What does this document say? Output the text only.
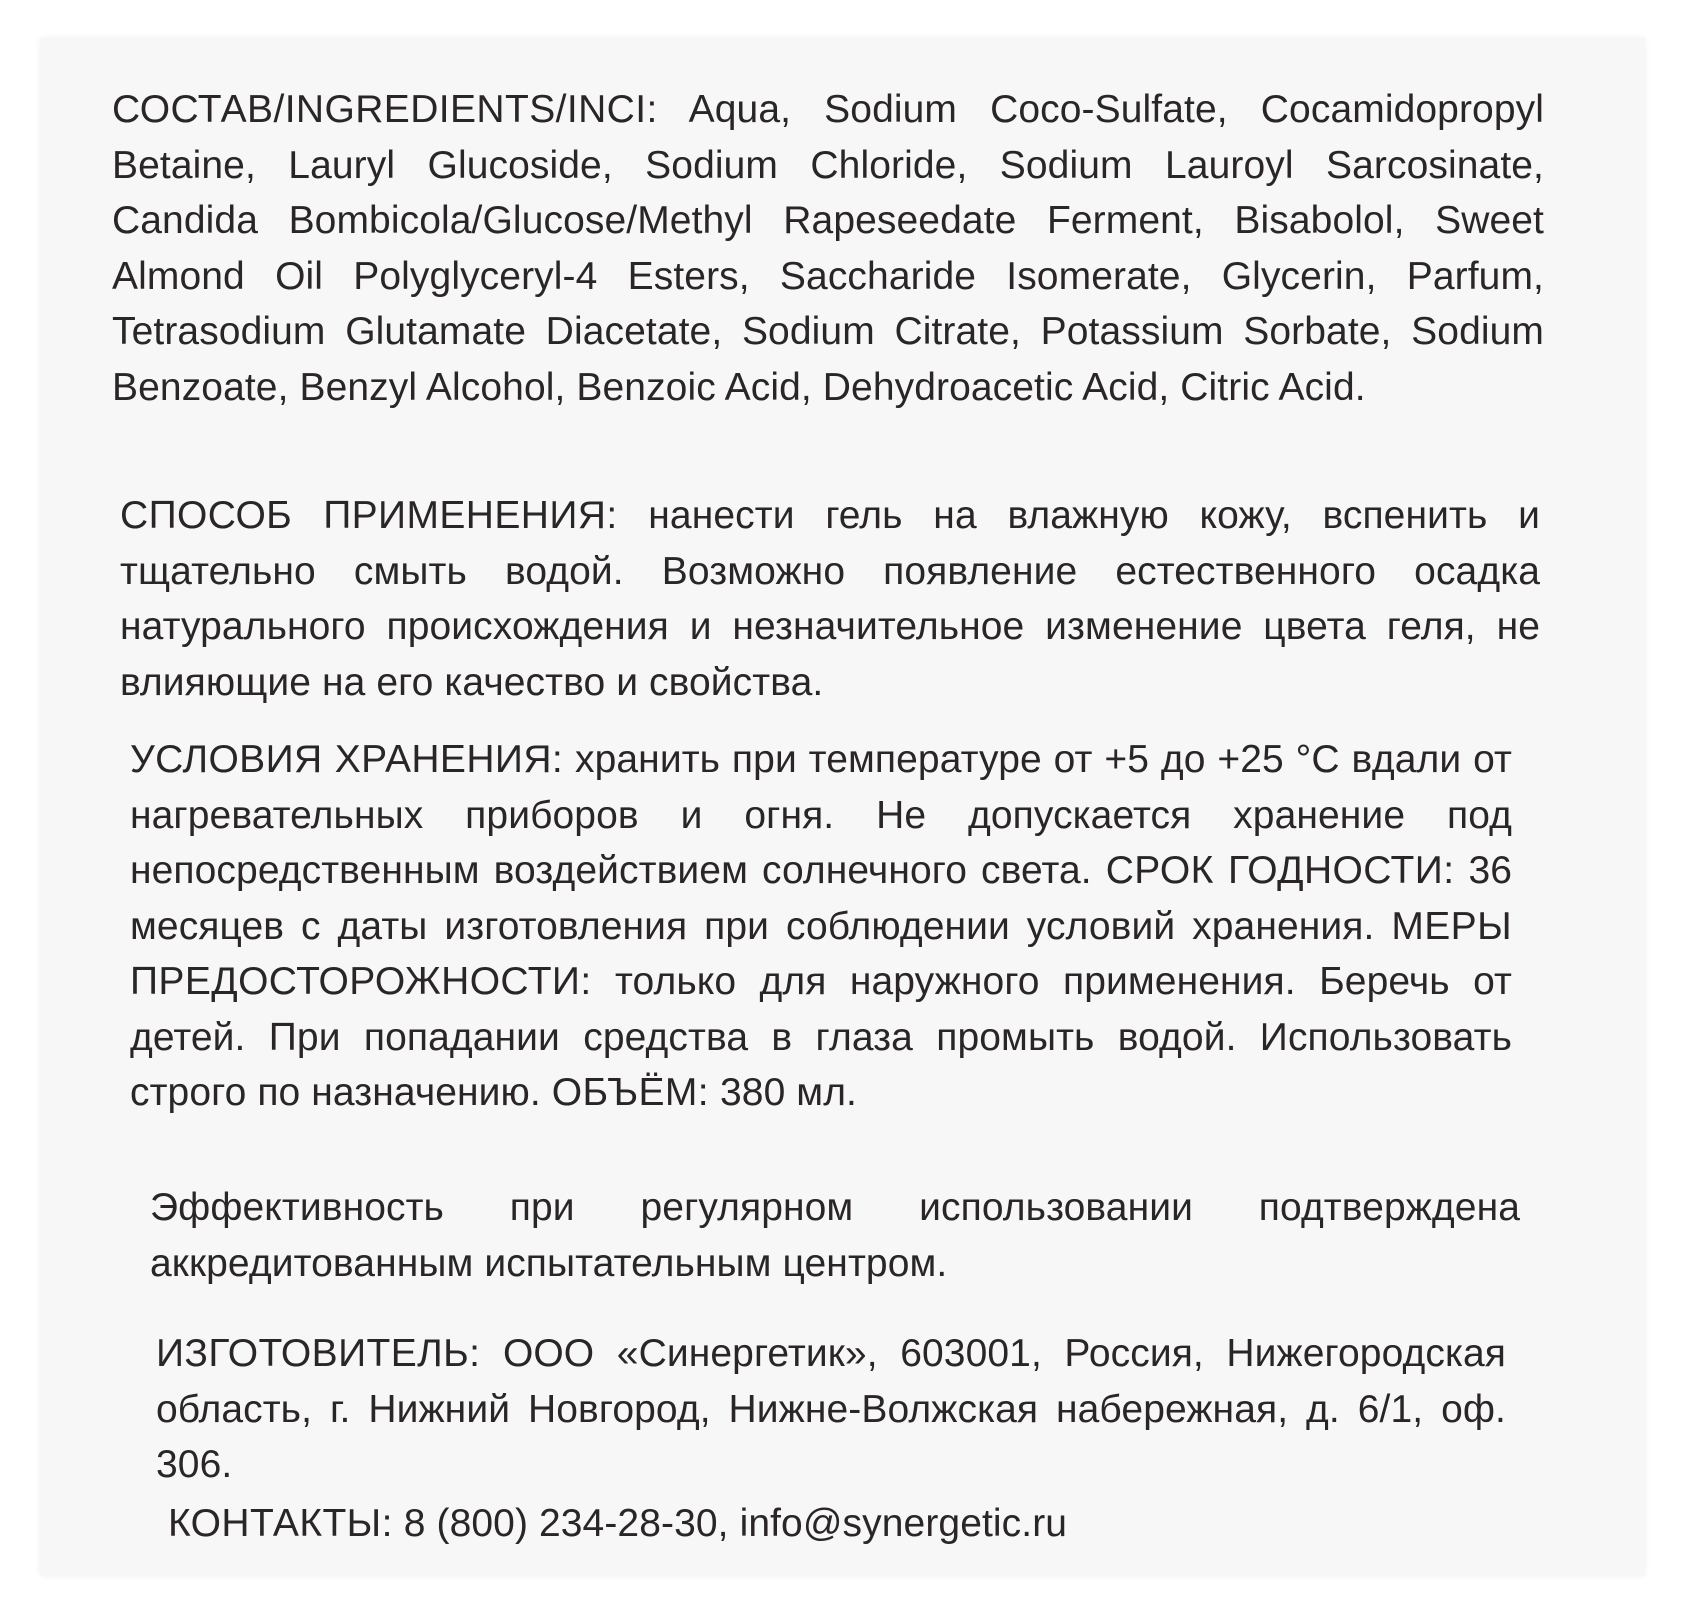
СОСТАВ/INGREDIENTS/INCI: Aqua, Sodium Coco-Sulfate, Cocamidopropyl Betaine, Lauryl Glucoside, Sodium Chloride, Sodium Lauroyl Sarcosinate, Candida Bombicola/Glucose/Methyl Rapeseedate Ferment, Bisabolol, Sweet Almond Oil Polyglyceryl-4 Esters, Saccharide Isomerate, Glycerin, Parfum, Tetrasodium Glutamate Diacetate, Sodium Citrate, Potassium Sorbate, Sodium Benzoate, Benzyl Alcohol, Benzoic Acid, Dehydroacetic Acid, Citric Acid.

СПОСОБ ПРИМЕНЕНИЯ: нанести гель на влажную кожу, вспенить и тщательно смыть водой. Возможно появление естественного осадка натурального происхождения и незначительное изменение цвета геля, не влияющие на его качество и свойства.

УСЛОВИЯ ХРАНЕНИЯ: хранить при температуре от +5 до +25 °С вдали от нагревательных приборов и огня. Не допускается хранение под непосредственным воздействием солнечного света. СРОК ГОДНОСТИ: 36 месяцев с даты изготовления при соблюдении условий хранения. МЕРЫ ПРЕДОСТОРОЖНОСТИ: только для наружного применения. Беречь от детей. При попадании средства в глаза промыть водой. Использовать строго по назначению. ОБЪЁМ: 380 мл.

Эффективность при регулярном использовании подтверждена аккредитованным испытательным центром.

ИЗГОТОВИТЕЛЬ: ООО «Синергетик», 603001, Россия, Нижегородская область, г. Нижний Новгород, Нижне-Волжская набережная, д. 6/1, оф. 306.

КОНТАКТЫ: 8 (800) 234-28-30, info@synergetic.ru
